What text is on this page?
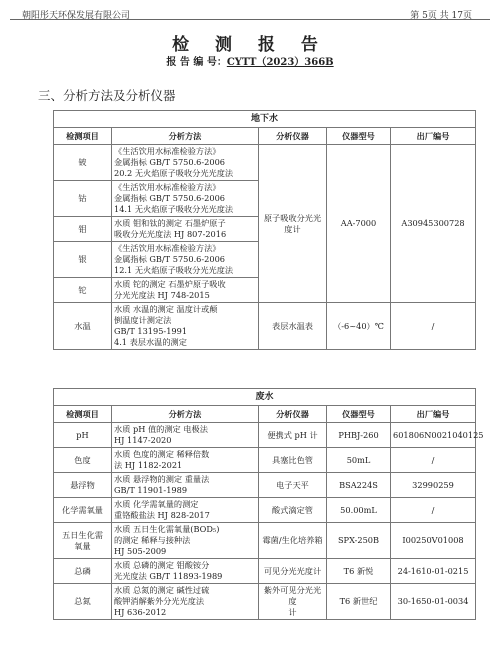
朝阳彤天环保发展有限公司	第 5页 共 17页
检 测 报 告
报 告 编 号：CYTT（2023）366B
三、分析方法及分析仪器
地下水				
检测项目	分析方法	分析仪器	仪器型号	出厂编号
铍	《生活饮用水标准检验方法》
金属指标 GB/T 5750.6-2006
20.2 无火焰原子吸收分光光度法	原子吸收分光光度计	AA-7000	A30945300728
钴	《生活饮用水标准检验方法》
金属指标 GB/T 5750.6-2006
14.1 无火焰原子吸收分光光度法			
钼	水质 钼和钛的测定 石墨炉原子
吸收分光光度法 HJ 807-2016			
银	《生活饮用水标准检验方法》
金属指标 GB/T 5750.6-2006
12.1 无火焰原子吸收分光光度法			
铊	水质 铊的测定 石墨炉原子吸收
分光光度法 HJ 748-2015			
水温	水质 水温的测定 温度计或颠
倒温度计测定法
GB/T 13195-1991
4.1 表层水温的测定	表层水温表	（-6~40）℃	/
废水				
检测项目	分析方法	分析仪器	仪器型号	出厂编号
pH	水质 pH 值的测定 电极法
HJ 1147-2020	便携式 pH 计	PHBJ-260	601806N0021040125
色度	水质 色度的测定 稀释倍数
法 HJ 1182-2021	具塞比色管	50mL	/
悬浮物	水质 悬浮物的测定 重量法
GB/T 11901-1989	电子天平	BSA224S	32990259
化学需氧量	水质 化学需氧量的测定
重铬酸盐法 HJ 828-2017	酸式滴定管	50.00mL	/
五日生化需
氧量	水质 五日生化需氧量(BOD₅)
的测定 稀释与接种法
HJ 505-2009	霉菌/生化培养箱	SPX-250B	I00250V01008
总磷	水质 总磷的测定 钼酸铵分
光光度法 GB/T 11893-1989	可见分光光度计	T6 新悦	24-1610-01-0215
总氮	水质 总氮的测定 碱性过硫
酸钾消解紫外分光光度法
HJ 636-2012	紫外可见分光光度
计	T6 新世纪	30-1650-01-0034
